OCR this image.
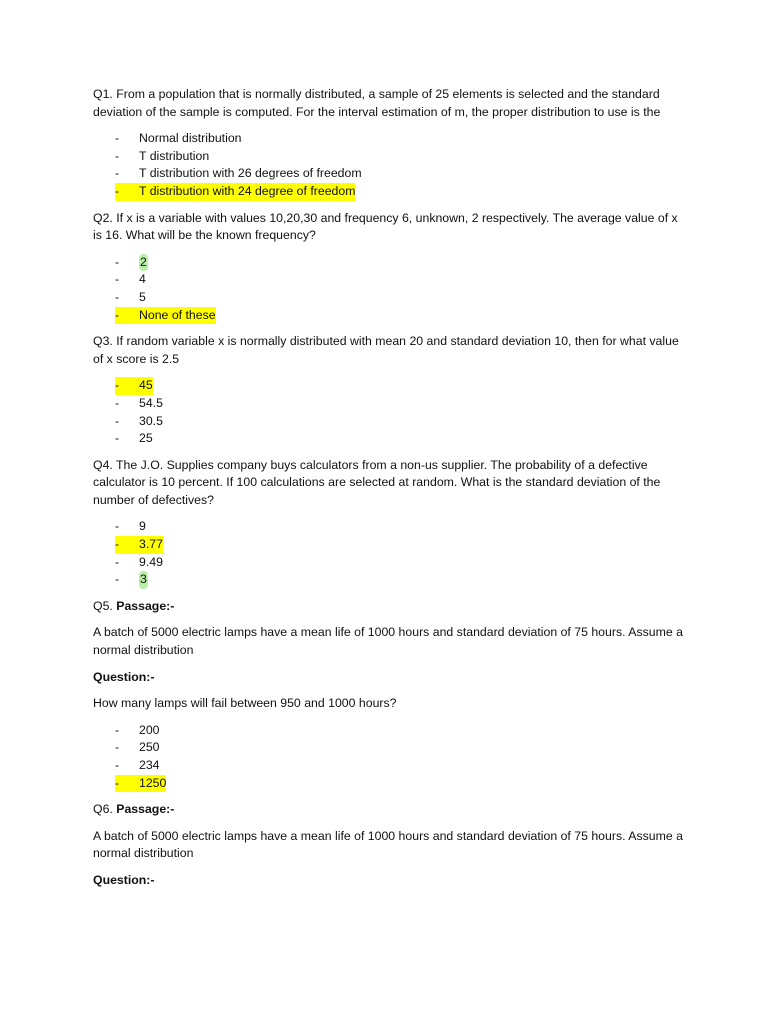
Q1. From a population that is normally distributed, a sample of 25 elements is selected and the standard deviation of the sample is computed. For the interval estimation of m, the proper distribution to use is the

- Normal distribution
- T distribution
- T distribution with 26 degrees of freedom
-	T distribution with 24 degree of freedom

Q2. If x is a variable with values 10,20,30 and frequency 6, unknown, 2 respectively. The average value of x is 16. What will be the known frequency?

- 2
- 4
- 5
-	None of these

Q3. If random variable x is normally distributed with mean 20 and standard deviation 10, then for what value of x score is 2.5

-	45
- 54.5
- 30.5
- 25

Q4. The J.O. Supplies company buys calculators from a non-us supplier. The probability of a defective calculator is 10 percent. If 100 calculations are selected at random. What is the standard deviation of the number of defectives?

- 9
-	3.77
- 9.49
- 3

Q5. Passage:-

A batch of 5000 electric lamps have a mean life of 1000 hours and standard deviation of 75 hours. Assume a normal distribution

Question:-

How many lamps will fail between 950 and 1000 hours?

- 200
- 250
- 234
-	1250

Q6. Passage:-

A batch of 5000 electric lamps have a mean life of 1000 hours and standard deviation of 75 hours. Assume a normal distribution

Question:-
